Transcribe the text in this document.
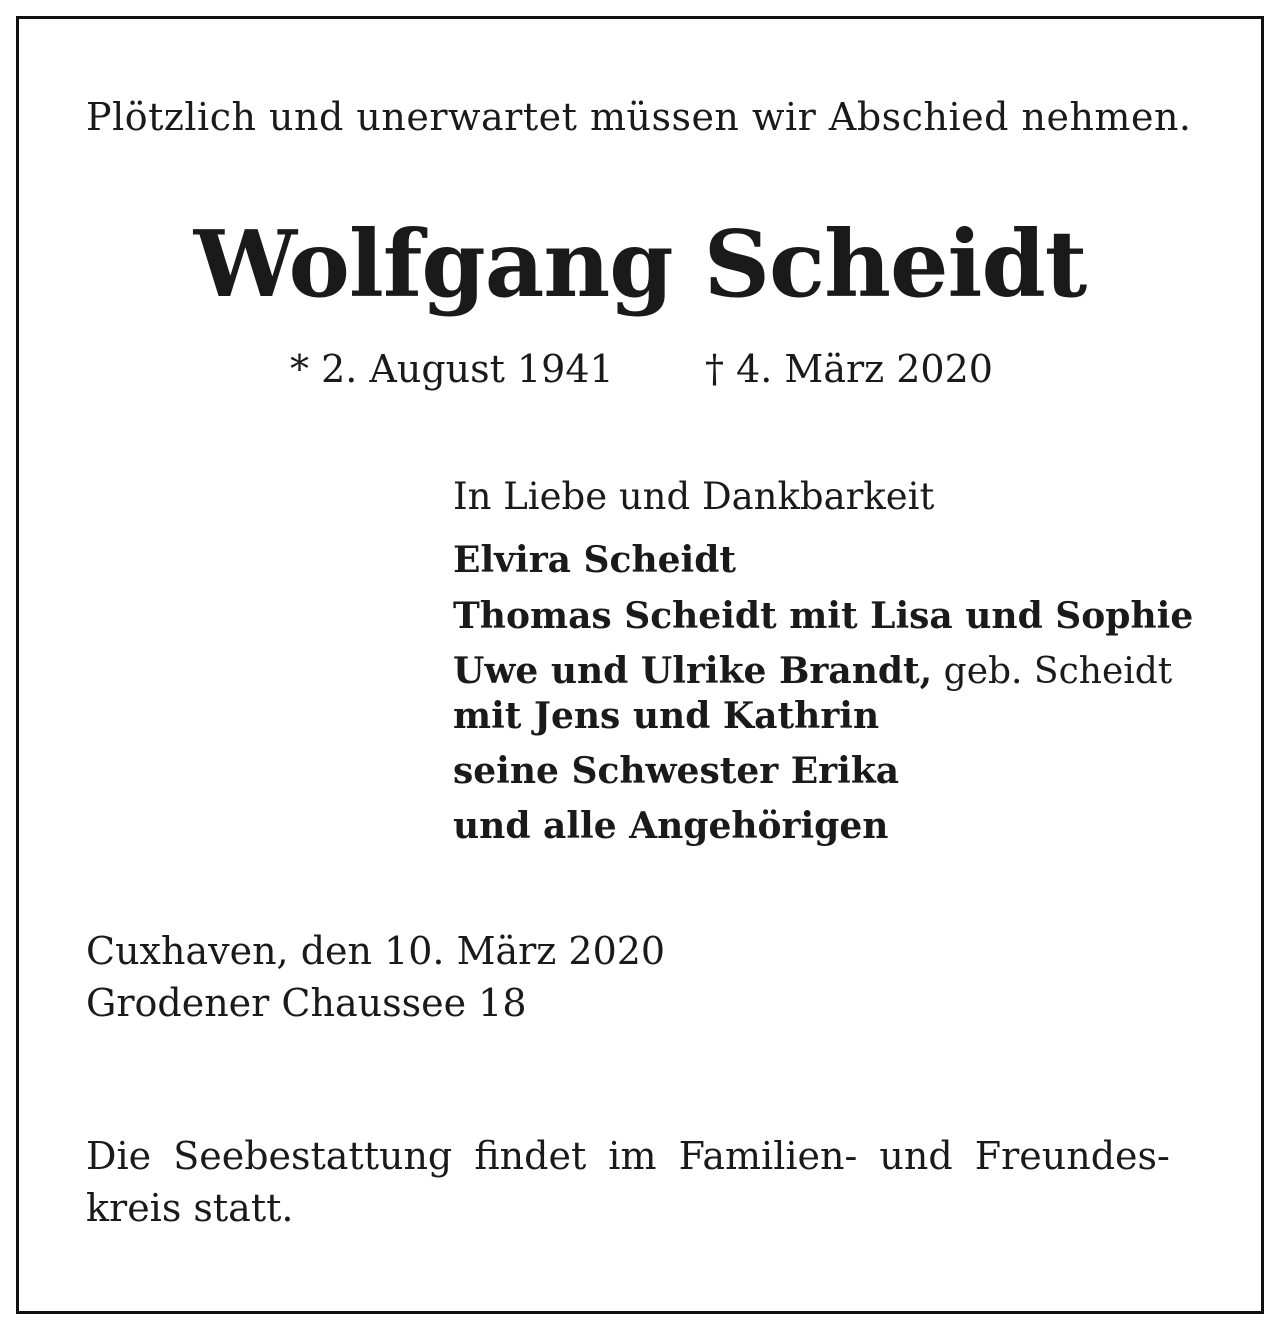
Plötzlich und unerwartet müssen wir Abschied nehmen.
Wolfgang Scheidt
* 2. August 1941 † 4. März 2020
In Liebe und Dankbarkeit
Elvira Scheidt
Thomas Scheidt mit Lisa und Sophie
Uwe und Ulrike Brandt, geb. Scheidt
mit Jens und Kathrin
seine Schwester Erika
und alle Angehörigen
Cuxhaven, den 10. März 2020
Grodener Chaussee 18
Die Seebestattung findet im Familien- und Freundes-
kreis statt.
